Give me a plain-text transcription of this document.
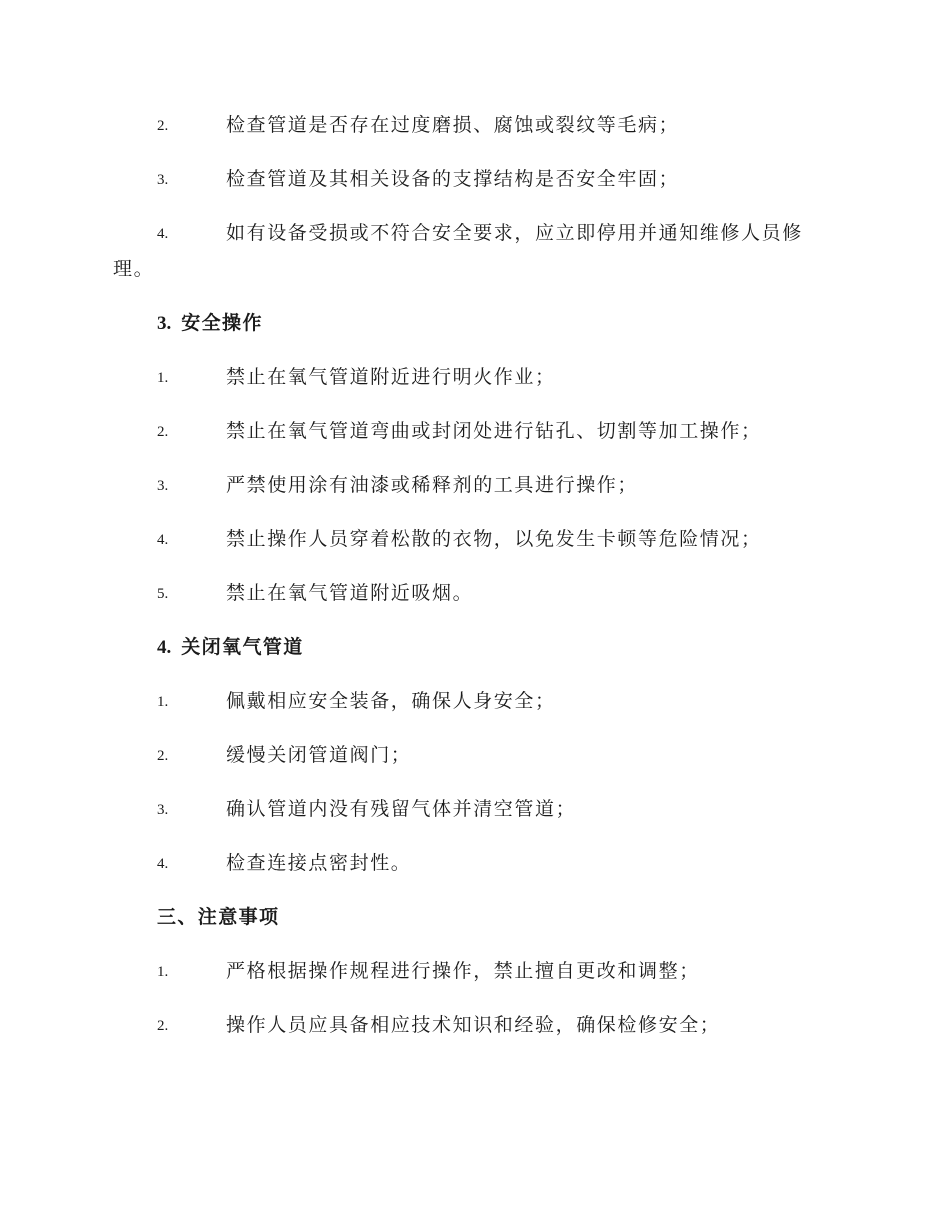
2.	检查管道是否存在过度磨损、腐蚀或裂纹等毛病；
3.	检查管道及其相关设备的支撑结构是否安全牢固；
4.	如有设备受损或不符合安全要求，应立即停用并通知维修人员修
理。
3. 安全操作
1.	禁止在氧气管道附近进行明火作业；
2.	禁止在氧气管道弯曲或封闭处进行钻孔、切割等加工操作；
3.	严禁使用涂有油漆或稀释剂的工具进行操作；
4.	禁止操作人员穿着松散的衣物，以免发生卡顿等危险情况；
5.	禁止在氧气管道附近吸烟。
4. 关闭氧气管道
1.	佩戴相应安全装备，确保人身安全；
2.	缓慢关闭管道阀门；
3.	确认管道内没有残留气体并清空管道；
4.	检查连接点密封性。
三、注意事项
1.	严格根据操作规程进行操作，禁止擅自更改和调整；
2.	操作人员应具备相应技术知识和经验，确保检修安全；
